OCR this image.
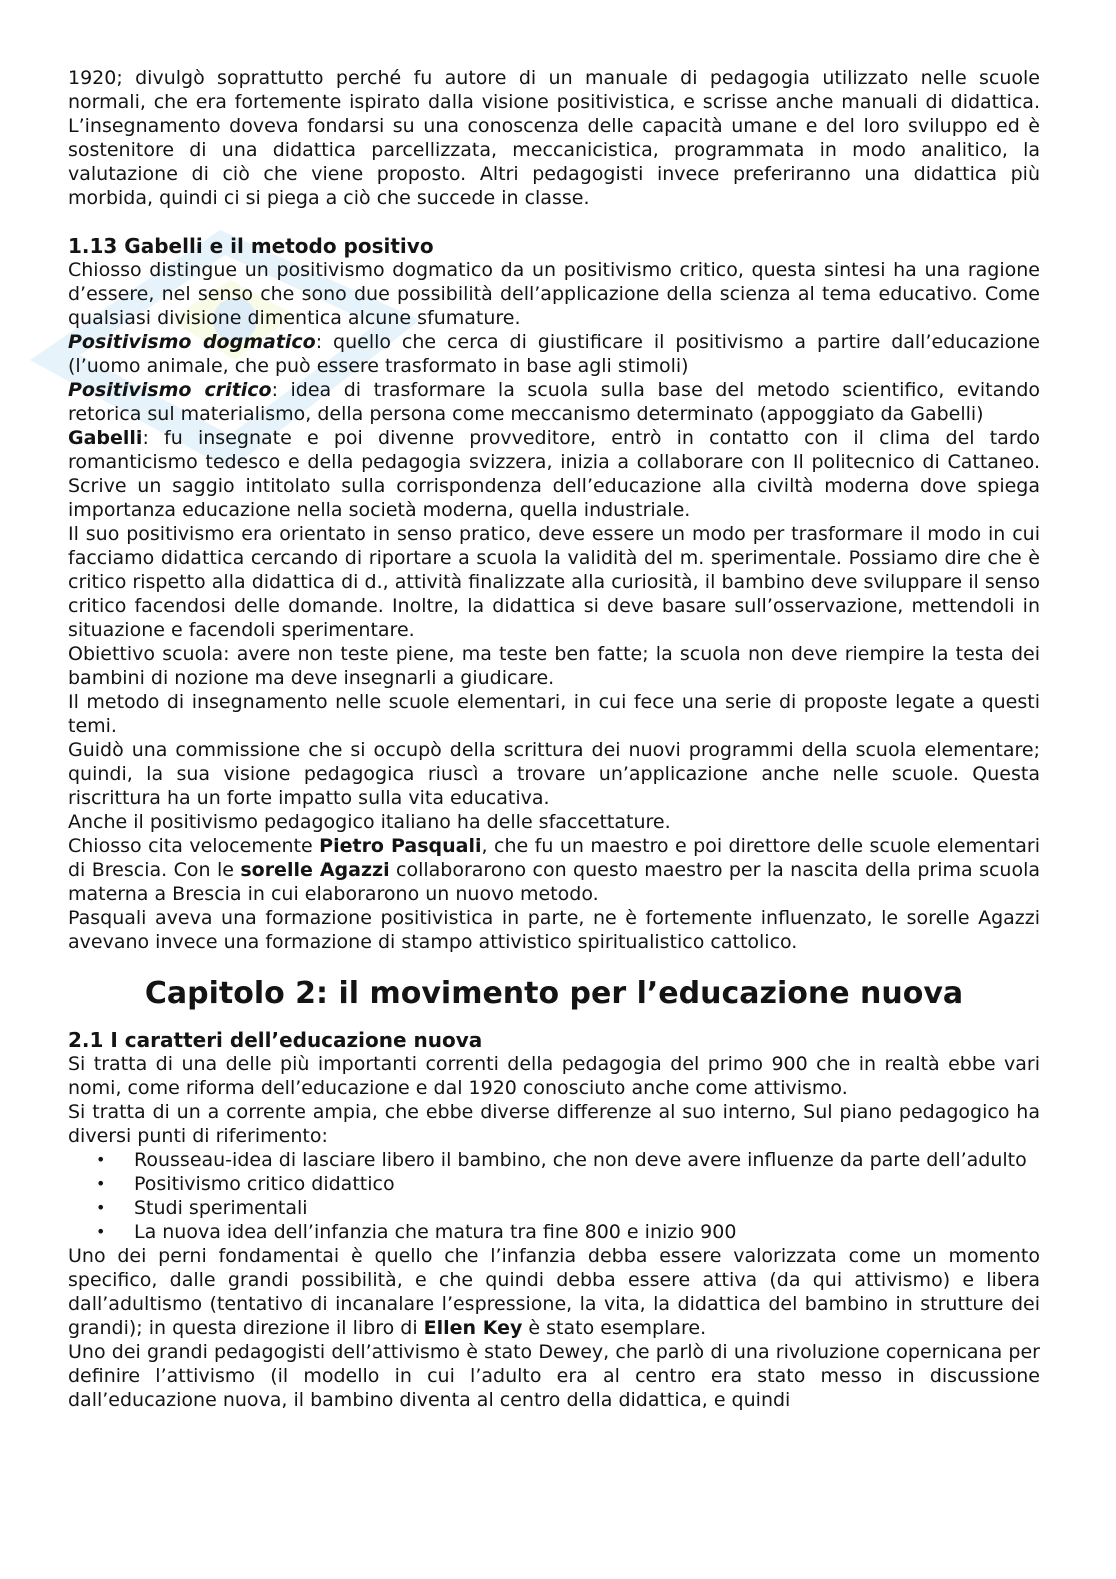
1920; divulgò soprattutto perché fu autore di un manuale di pedagogia utilizzato nelle scuole normali, che era fortemente ispirato dalla visione positivistica, e scrisse anche manuali di didattica. L’insegnamento doveva fondarsi su una conoscenza delle capacità umane e del loro sviluppo ed è sostenitore di una didattica parcellizzata, meccanicistica, programmata in modo analitico, la valutazione di ciò che viene proposto. Altri pedagogisti invece preferiranno una didattica più morbida, quindi ci si piega a ciò che succede in classe.

1.13 Gabelli e il metodo positivo

Chiosso distingue un positivismo dogmatico da un positivismo critico, questa sintesi ha una ragione d’essere, nel senso che sono due possibilità dell’applicazione della scienza al tema educativo. Come qualsiasi divisione dimentica alcune sfumature.

Positivismo dogmatico: quello che cerca di giustificare il positivismo a partire dall’educazione (l’uomo animale, che può essere trasformato in base agli stimoli)

Positivismo critico: idea di trasformare la scuola sulla base del metodo scientifico, evitando retorica sul materialismo, della persona come meccanismo determinato (appoggiato da Gabelli)

Gabelli: fu insegnate e poi divenne provveditore, entrò in contatto con il clima del tardo romanticismo tedesco e della pedagogia svizzera, inizia a collaborare con Il politecnico di Cattaneo. Scrive un saggio intitolato sulla corrispondenza dell’educazione alla civiltà moderna dove spiega importanza educazione nella società moderna, quella industriale.

Il suo positivismo era orientato in senso pratico, deve essere un modo per trasformare il modo in cui facciamo didattica cercando di riportare a scuola la validità del m. sperimentale. Possiamo dire che è critico rispetto alla didattica di d., attività finalizzate alla curiosità, il bambino deve sviluppare il senso critico facendosi delle domande. Inoltre, la didattica si deve basare sull’osservazione, mettendoli in situazione e facendoli sperimentare.

Obiettivo scuola: avere non teste piene, ma teste ben fatte; la scuola non deve riempire la testa dei bambini di nozione ma deve insegnarli a giudicare.

Il metodo di insegnamento nelle scuole elementari, in cui fece una serie di proposte legate a questi temi.

Guidò una commissione che si occupò della scrittura dei nuovi programmi della scuola elementare; quindi, la sua visione pedagogica riuscì a trovare un’applicazione anche nelle scuole. Questa riscrittura ha un forte impatto sulla vita educativa.

Anche il positivismo pedagogico italiano ha delle sfaccettature.

Chiosso cita velocemente Pietro Pasquali, che fu un maestro e poi direttore delle scuole elementari di Brescia. Con le sorelle Agazzi collaborarono con questo maestro per la nascita della prima scuola materna a Brescia in cui elaborarono un nuovo metodo.

Pasquali aveva una formazione positivistica in parte, ne è fortemente influenzato, le sorelle Agazzi avevano invece una formazione di stampo attivistico spiritualistico cattolico.

Capitolo 2: il movimento per l’educazione nuova
2.1 I caratteri dell’educazione nuova

Si tratta di una delle più importanti correnti della pedagogia del primo 900 che in realtà ebbe vari nomi, come riforma dell’educazione e dal 1920 conosciuto anche come attivismo.

Si tratta di un a corrente ampia, che ebbe diverse differenze al suo interno, Sul piano pedagogico ha diversi punti di riferimento:

• Rousseau-idea di lasciare libero il bambino, che non deve avere influenze da parte dell’adulto
• Positivismo critico didattico
• Studi sperimentali
• La nuova idea dell’infanzia che matura tra fine 800 e inizio 900

Uno dei perni fondamentai è quello che l’infanzia debba essere valorizzata come un momento specifico, dalle grandi possibilità, e che quindi debba essere attiva (da qui attivismo) e libera dall’adultismo (tentativo di incanalare l’espressione, la vita, la didattica del bambino in strutture dei grandi); in questa direzione il libro di Ellen Key è stato esemplare.

Uno dei grandi pedagogisti dell’attivismo è stato Dewey, che parlò di una rivoluzione copernicana per definire l’attivismo (il modello in cui l’adulto era al centro era stato messo in discussione dall’educazione nuova, il bambino diventa al centro della didattica, e quindi
